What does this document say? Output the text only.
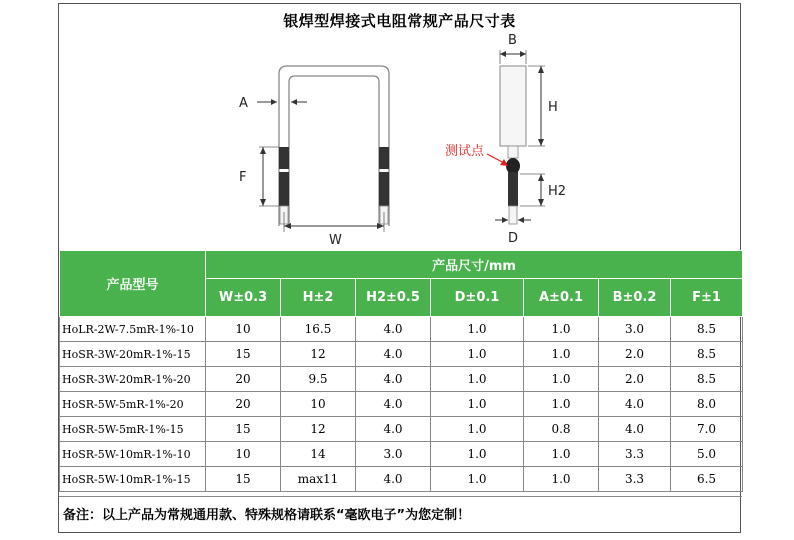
银焊型焊接式电阻常规产品尺寸表
A
F
W
B
H
H2
D
测试点
产品型号	产品尺寸/mm						
	W±0.3	H±2	H2±0.5	D±0.1	A±0.1	B±0.2	F±1
HoLR-2W-7.5mR-1%-10	10	16.5	4.0	1.0	1.0	3.0	8.5
HoSR-3W-20mR-1%-15	15	12	4.0	1.0	1.0	2.0	8.5
HoSR-3W-20mR-1%-20	20	9.5	4.0	1.0	1.0	2.0	8.5
HoSR-5W-5mR-1%-20	20	10	4.0	1.0	1.0	4.0	8.0
HoSR-5W-5mR-1%-15	15	12	4.0	1.0	0.8	4.0	7.0
HoSR-5W-10mR-1%-10	10	14	3.0	1.0	1.0	3.3	5.0
HoSR-5W-10mR-1%-15	15	max11	4.0	1.0	1.0	3.3	6.5
备注：以上产品为常规通用款、特殊规格请联系“毫欧电子”为您定制！
